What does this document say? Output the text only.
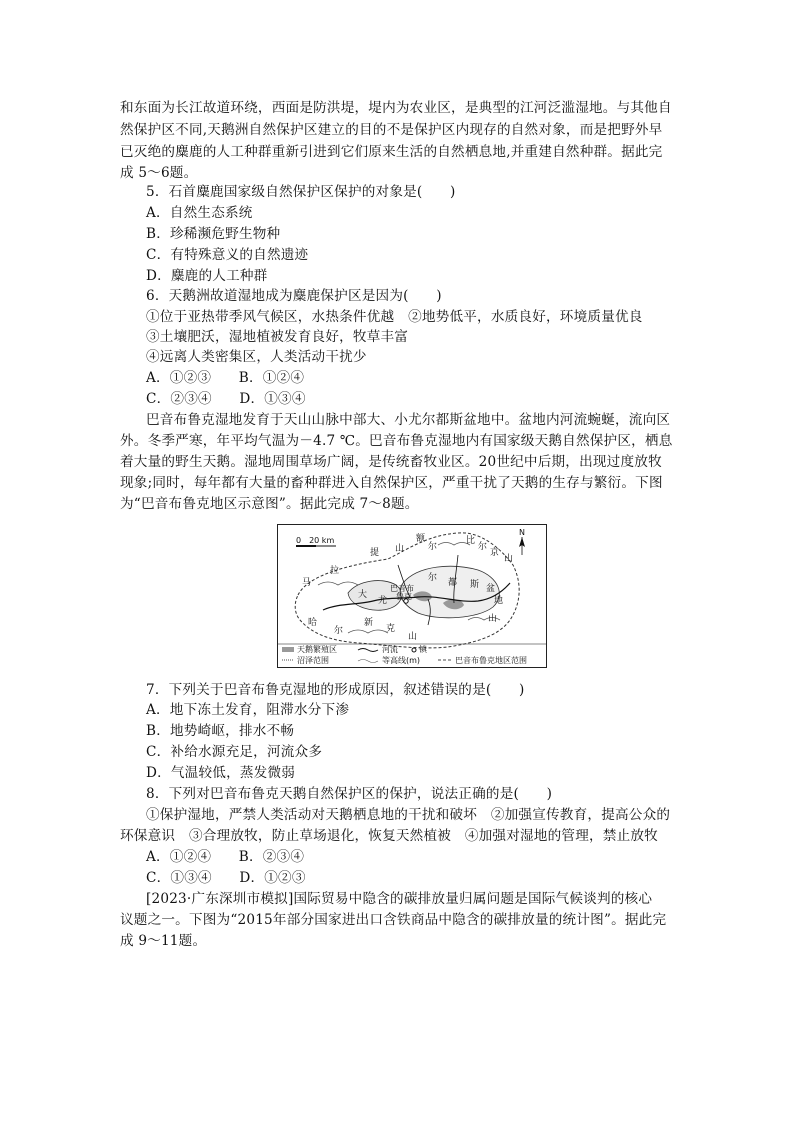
和东面为长江故道环绕，西面是防洪堤，堤内为农业区，是典型的江河泛滥湿地。与其他自
然保护区不同,天鹅洲自然保护区建立的目的不是保护区内现存的自然对象，而是把野外早
已灭绝的麋鹿的人工种群重新引进到它们原来生活的自然栖息地,并重建自然种群。据此完
成 5～6题。
5．石首麋鹿国家级自然保护区保护的对象是(　　)
A．自然生态系统
B．珍稀濒危野生物种
C．有特殊意义的自然遗迹
D．麋鹿的人工种群
6．天鹅洲故道湿地成为麋鹿保护区是因为(　　)
①位于亚热带季风气候区，水热条件优越　②地势低平，水质良好，环境质量优良
③土壤肥沃，湿地植被发育良好，牧草丰富
④远离人类密集区，人类活动干扰少
A．①②③　　B．①②④
C．②③④　　D．①③④
巴音布鲁克湿地发育于天山山脉中部大、小尤尔都斯盆地中。盆地内河流蜿蜒，流向区
外。冬季严寒，年平均气温为－4.7 ℃。巴音布鲁克湿地内有国家级天鹅自然保护区，栖息
着大量的野生天鹅。湿地周围草场广阔，是传统畜牧业区。20世纪中后期，出现过度放牧
现象;同时，每年都有大量的畜种群进入自然保护区，严重干扰了天鹅的生存与繁衍。下图
为“巴音布鲁克地区示意图”。据此完成 7～8题。
0　20 km
N
提 山
马
拉
大
尤
巴音布
鲁克
哈
尔
新
克
山
比
尔
京
山
尔 都 斯 盆
地
山
额
尔
天鹅繁殖区	河流	镇
沼泽范围	等高线(m)	巴音布鲁克地区范围
7．下列关于巴音布鲁克湿地的形成原因，叙述错误的是(　　)
A．地下冻土发育，阻滞水分下渗
B．地势崎岖，排水不畅
C．补给水源充足，河流众多
D．气温较低，蒸发微弱
8．下列对巴音布鲁克天鹅自然保护区的保护，说法正确的是(　　)
①保护湿地，严禁人类活动对天鹅栖息地的干扰和破坏　②加强宣传教育，提高公众的
环保意识　③合理放牧，防止草场退化，恢复天然植被　④加强对湿地的管理，禁止放牧
A．①②④　　B．②③④
C．①③④　　D．①②③
[2023·广东深圳市模拟]国际贸易中隐含的碳排放量归属问题是国际气候谈判的核心
议题之一。下图为“2015年部分国家进出口含铁商品中隐含的碳排放量的统计图”。据此完
成 9～11题。
